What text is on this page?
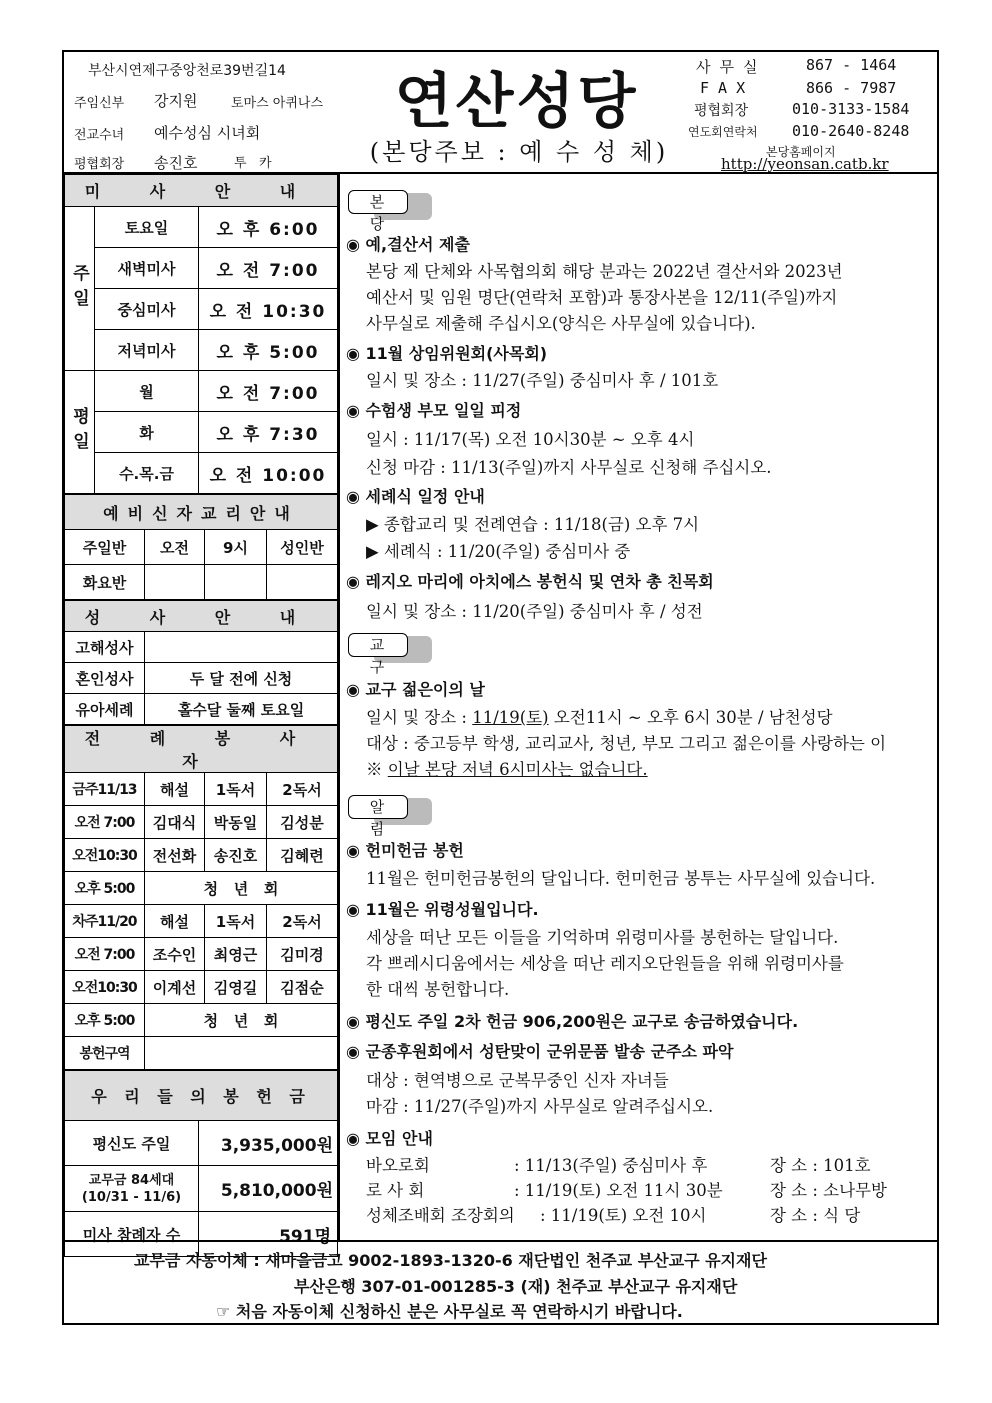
부산시연제구중앙천로39번길14
주임신부 강지원	토마스 아퀴나스
전교수녀 예수성심 시녀회
평협회장 송진호	투   카
연산성당
(본당주보 : 예 수 성 체)
사 무 실	867 - 1464
F A X	866 - 7987
평협회장	010-3133-1584
연도회연락처 010-2640-8248
본당홈페이지
http://yeonsan.catb.kr
미 사 안 내		
주일	토요일	오 후 6:00
	새벽미사	오 전 7:00
	중심미사	오 전 10:30
	저녁미사	오 후 5:00
평일	월	오 전 7:00
	화	오 후 7:30
	수.목.금	오 전 10:00
예비신자교리안내			
주일반	오전	9시	성인반
화요반			
성 사 안 내	
고해성사	
혼인성사	두 달 전에 신청
유아세례	홀수달 둘째 토요일
전 례 봉 사 자			
금주11/13	해설	1독서	2독서
오전 7:00	김대식	박동일	김성분
오전10:30	전선화	송진호	김혜련
오후 5:00	청   년   회		
차주11/20	해설	1독서	2독서
오전 7:00	조수인	최영근	김미경
오전10:30	이계선	김영길	김점순
오후 5:00	청   년   회		
봉헌구역			
우 리 들 의 봉 헌 금	
평신도 주일	3,935,000원
교무금 84세대
(10/31 - 11/6)	5,810,000원
미사 참례자 수	591명
본 당
◉ 예,결산서 제출
본당 제 단체와 사목협의회 해당 분과는 2022년 결산서와 2023년
예산서 및 임원 명단(연락처 포함)과 통장사본을 12/11(주일)까지
사무실로 제출해 주십시오(양식은 사무실에 있습니다).
◉ 11월 상임위원회(사목회)
일시 및 장소 : 11/27(주일) 중심미사 후 / 101호
◉ 수험생 부모 일일 피정
일시 : 11/17(목) 오전 10시30분 ~ 오후 4시
신청 마감 : 11/13(주일)까지 사무실로 신청해 주십시오.
◉ 세례식 일정 안내
▶ 종합교리 및 전례연습 : 11/18(금) 오후 7시
▶ 세례식 : 11/20(주일) 중심미사 중
◉ 레지오 마리에 아치에스 봉헌식 및 연차 총 친목회
일시 및 장소 : 11/20(주일) 중심미사 후 / 성전
교 구
◉ 교구 젊은이의 날
일시 및 장소 : 11/19(토) 오전11시 ~ 오후 6시 30분 / 남천성당
대상 : 중고등부 학생, 교리교사, 청년, 부모 그리고 젊은이를 사랑하는 이
※ 이날 본당 저녁 6시미사는 없습니다.
알 림
◉ 헌미헌금 봉헌
11월은 헌미헌금봉헌의 달입니다. 헌미헌금 봉투는 사무실에 있습니다.
◉ 11월은 위령성월입니다.
세상을 떠난 모든 이들을 기억하며 위령미사를 봉헌하는 달입니다.
각 쁘레시디움에서는 세상을 떠난 레지오단원들을 위해 위령미사를
한 대씩 봉헌합니다.
◉ 평신도 주일 2차 헌금 906,200원은 교구로 송금하였습니다.
◉ 군종후원회에서 성탄맞이 군위문품 발송 군주소 파악
대상 : 현역병으로 군복무중인 신자 자녀들
마감 : 11/27(주일)까지 사무실로 알려주십시오.
◉ 모임 안내
바오로회	: 11/13(주일) 중심미사 후	장 소 : 101호
로 사 회	: 11/19(토) 오전 11시 30분	장 소 : 소나무방
성체조배회 조장회의 : 11/19(토) 오전 10시	장 소 : 식 당
교무금 자동이체 : 새마을금고 9002-1893-1320-6 재단법인 천주교 부산교구 유지재단
부산은행 307-01-001285-3 (재) 천주교 부산교구 유지재단
☞ 처음 자동이체 신청하신 분은 사무실로 꼭 연락하시기 바랍니다.
